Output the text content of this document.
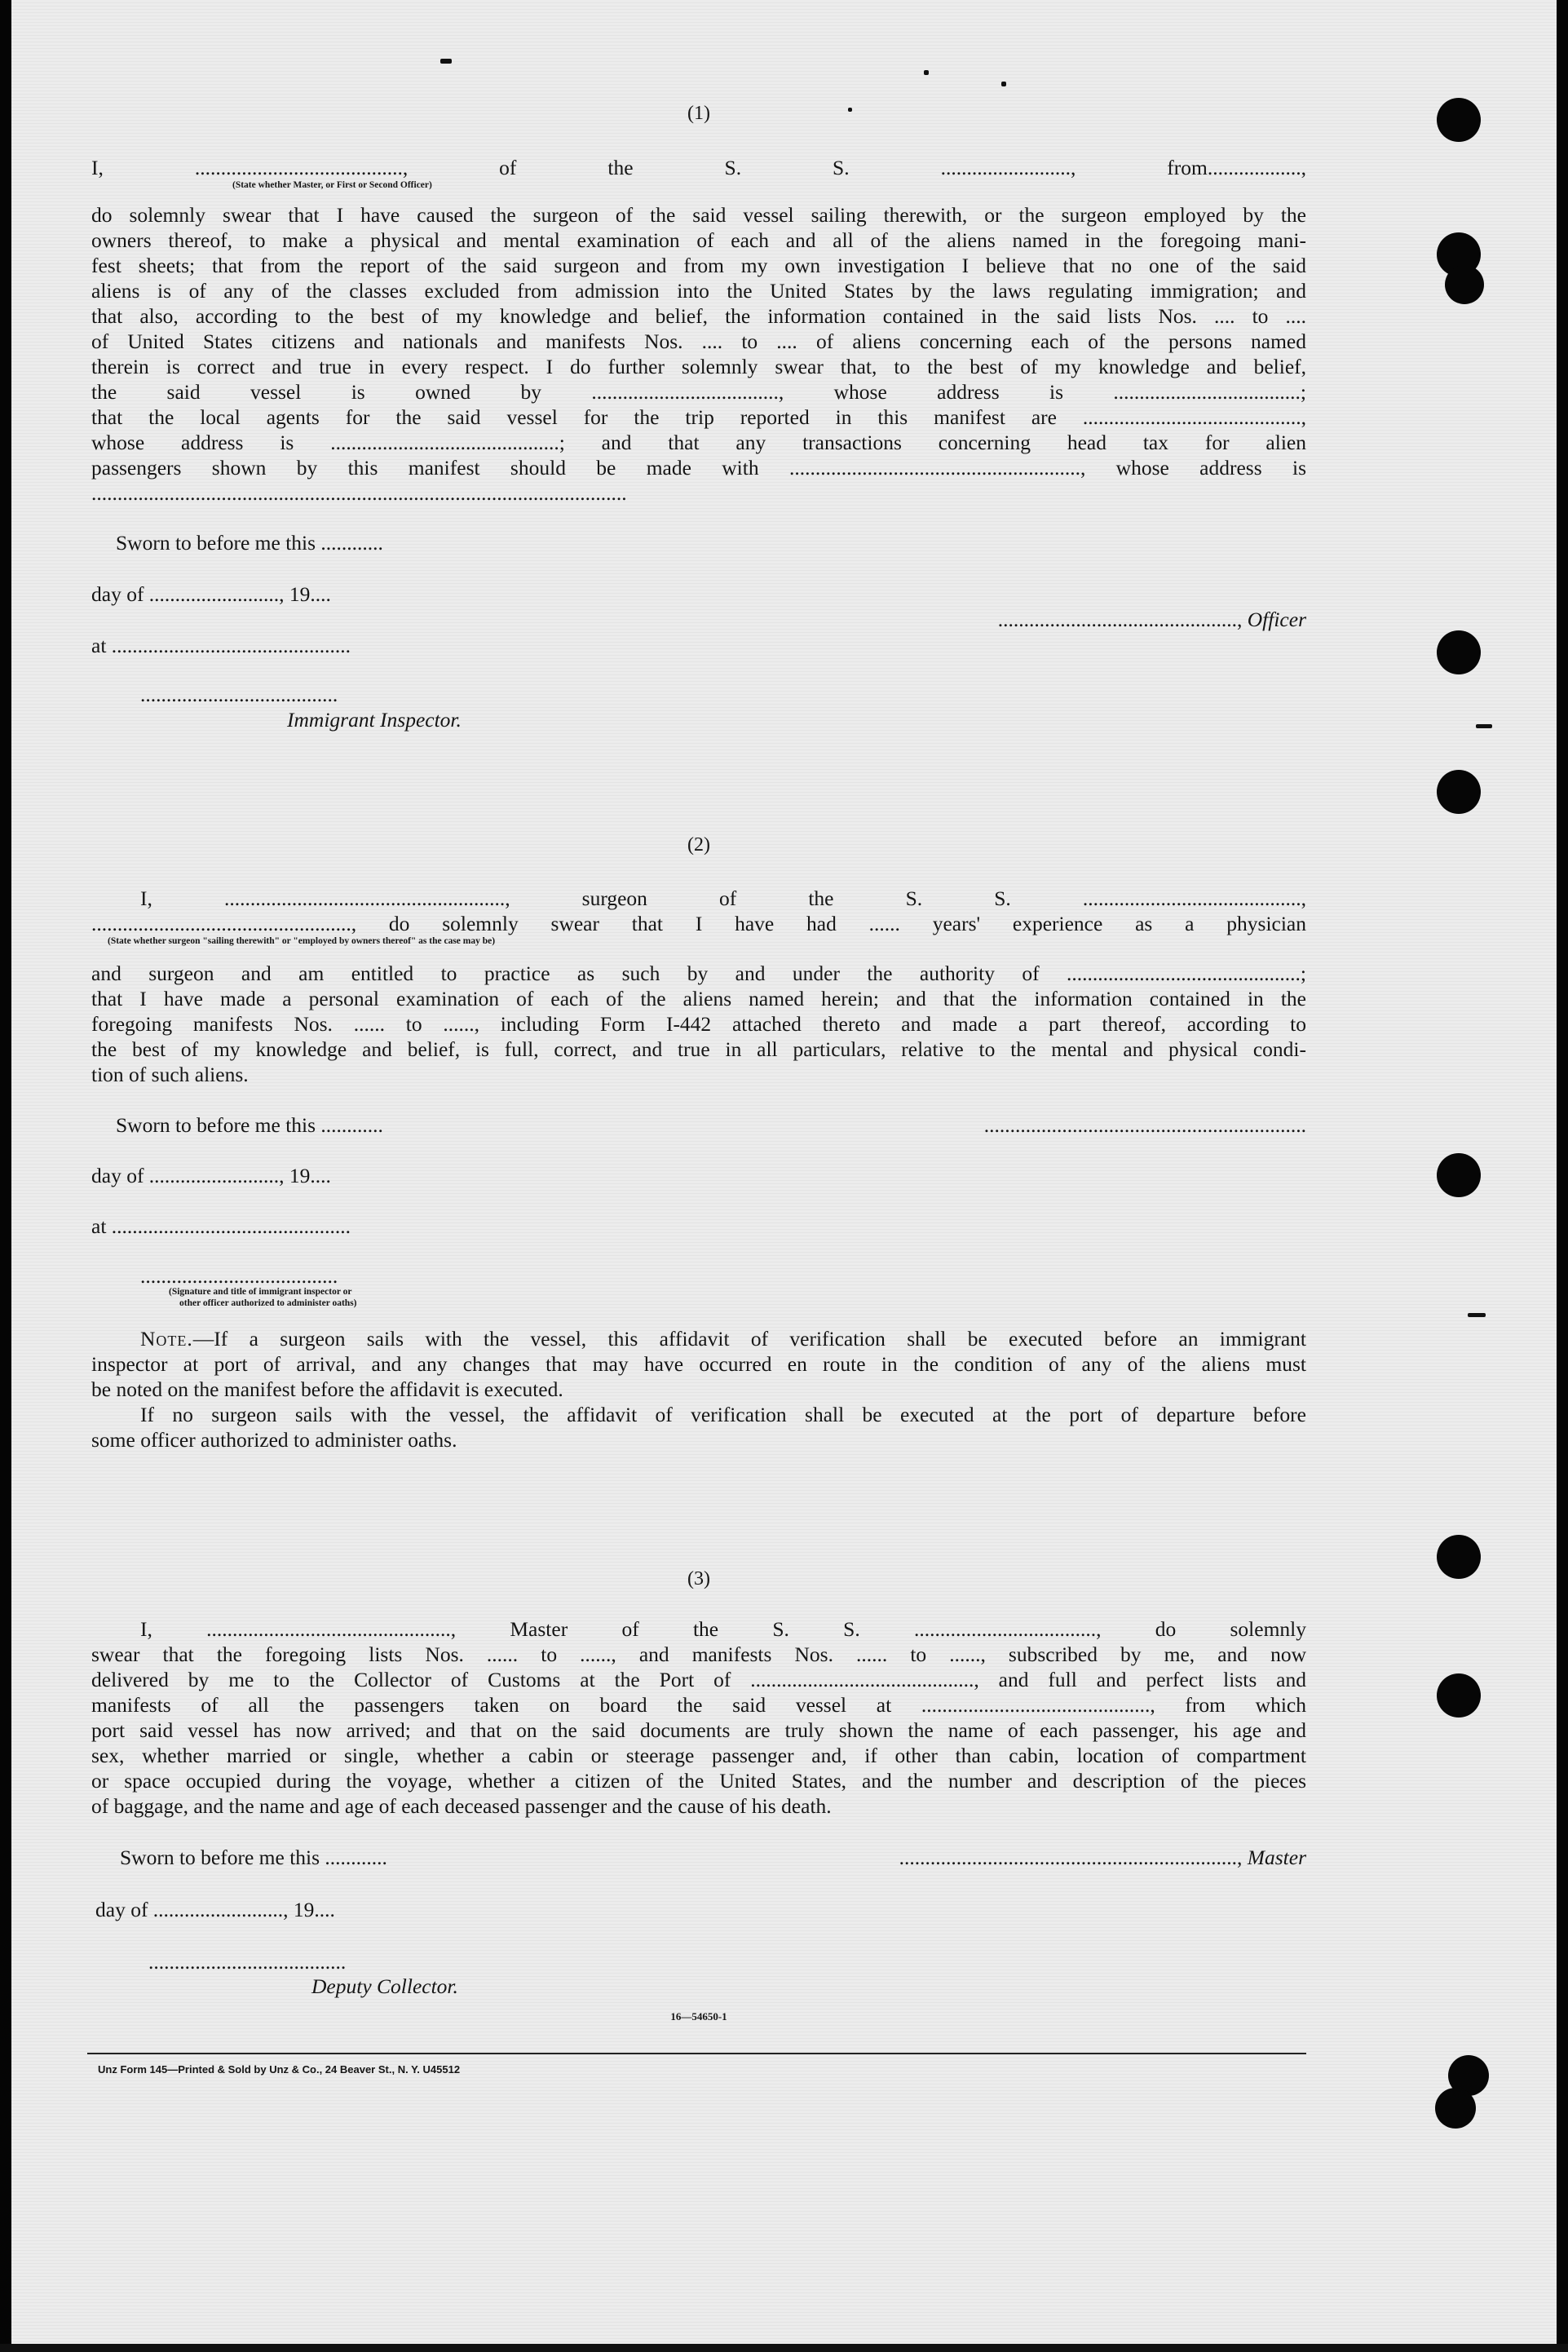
(1)
I, ........................................, of the S. S. ........................., from..................,
(State whether Master, or First or Second Officer)
do solemnly swear that I have caused the surgeon of the said vessel sailing therewith, or the surgeon employed by the
owners thereof, to make a physical and mental examination of each and all of the aliens named in the foregoing mani-
fest sheets; that from the report of the said surgeon and from my own investigation I believe that no one of the said
aliens is of any of the classes excluded from admission into the United States by the laws regulating immigration; and
that also, according to the best of my knowledge and belief, the information contained in the said lists Nos. .... to ....
of United States citizens and nationals and manifests Nos. .... to .... of aliens concerning each of the persons named
therein is correct and true in every respect. I do further solemnly swear that, to the best of my knowledge and belief,
the said vessel is owned by ...................................., whose address is ....................................;
that the local agents for the said vessel for the trip reported in this manifest are ..........................................,
whose address is ............................................; and that any transactions concerning head tax for alien
passengers shown by this manifest should be made with ........................................................, whose address is
.......................................................................................................
Sworn to before me this ............
day of ........................., 19....
.............................................., Officer
at ..............................................
......................................
Immigrant Inspector.
(2)
I, ......................................................, surgeon of the S. S. ..........................................,
.................................................., do solemnly swear that I have had ...... years' experience as a physician
(State whether surgeon "sailing therewith" or "employed by owners thereof" as the case may be)
and surgeon and am entitled to practice as such by and under the authority of .............................................;
that I have made a personal examination of each of the aliens named herein; and that the information contained in the
foregoing manifests Nos. ...... to ......, including Form I-442 attached thereto and made a part thereof, according to
the best of my knowledge and belief, is full, correct, and true in all particulars, relative to the mental and physical condi-
tion of such aliens.
Sworn to before me this ............	..............................................................
day of ........................., 19....
at ..............................................
......................................
(Signature and title of immigrant inspector or
other officer authorized to administer oaths)
Note.—If a surgeon sails with the vessel, this affidavit of verification shall be executed before an immigrant
inspector at port of arrival, and any changes that may have occurred en route in the condition of any of the aliens must
be noted on the manifest before the affidavit is executed.
If no surgeon sails with the vessel, the affidavit of verification shall be executed at the port of departure before
some officer authorized to administer oaths.
(3)
I, ..............................................., Master of the S. S. ..................................., do solemnly
swear that the foregoing lists Nos. ...... to ......, and manifests Nos. ...... to ......, subscribed by me, and now
delivered by me to the Collector of Customs at the Port of ..........................................., and full and perfect lists and
manifests of all the passengers taken on board the said vessel at ............................................, from which
port said vessel has now arrived; and that on the said documents are truly shown the name of each passenger, his age and
sex, whether married or single, whether a cabin or steerage passenger and, if other than cabin, location of compartment
or space occupied during the voyage, whether a citizen of the United States, and the number and description of the pieces
of baggage, and the name and age of each deceased passenger and the cause of his death.
Sworn to before me this ............	................................................................., Master
day of ........................., 19....
......................................
Deputy Collector.
16—54650-1
Unz Form 145—Printed & Sold by Unz & Co., 24 Beaver St., N. Y. U45512
